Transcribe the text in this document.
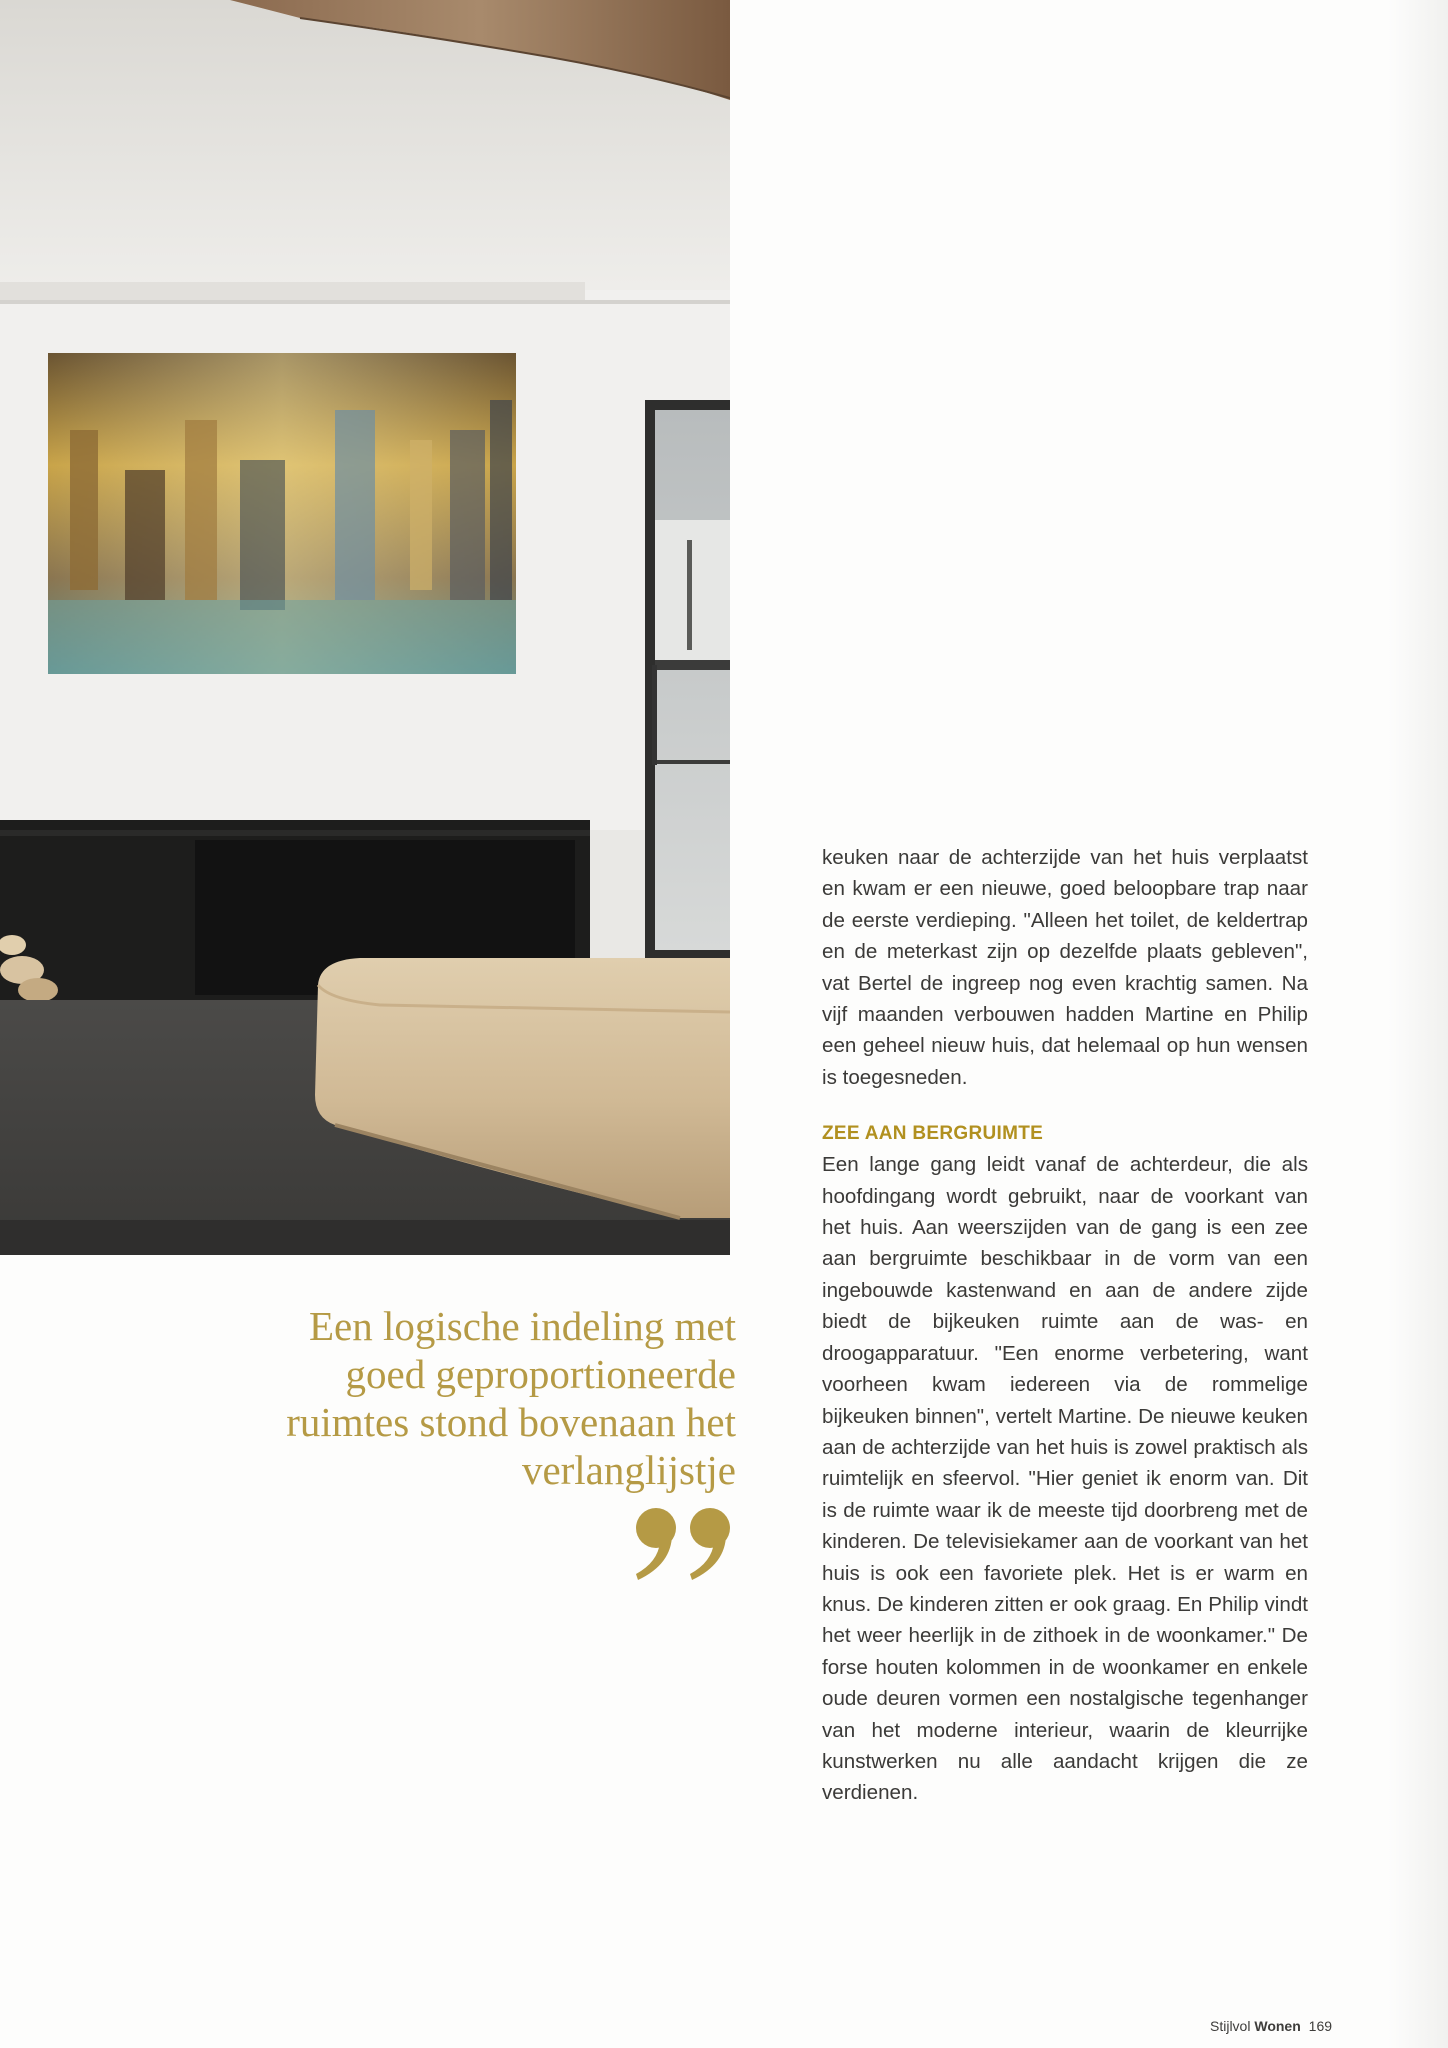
keuken naar de achterzijde van het huis verplaatst en kwam er een nieuwe, goed beloopbare trap naar de eerste verdieping. "Alleen het toilet, de keldertrap en de meterkast zijn op dezelfde plaats gebleven", vat Bertel de ingreep nog even krachtig samen. Na vijf maanden verbouwen hadden Martine en Philip een geheel nieuw huis, dat helemaal op hun wensen is toegesneden.

ZEE AAN BERGRUIMTE

Een lange gang leidt vanaf de achterdeur, die als hoofdingang wordt gebruikt, naar de voorkant van het huis. Aan weerszijden van de gang is een zee aan bergruimte beschikbaar in de vorm van een ingebouwde kastenwand en aan de andere zijde biedt de bijkeuken ruimte aan de was- en droogapparatuur. "Een enorme verbetering, want voorheen kwam iedereen via de rommelige bijkeuken binnen", vertelt Martine. De nieuwe keuken aan de achterzijde van het huis is zowel praktisch als ruimtelijk en sfeervol. "Hier geniet ik enorm van. Dit is de ruimte waar ik de meeste tijd doorbreng met de kinderen. De televisiekamer aan de voorkant van het huis is ook een favoriete plek. Het is er warm en knus. De kinderen zitten er ook graag. En Philip vindt het weer heerlijk in de zithoek in de woonkamer." De forse houten kolommen in de woonkamer en enkele oude deuren vormen een nostalgische tegenhanger van het moderne interieur, waarin de kleurrijke kunstwerken nu alle aandacht krijgen die ze verdienen.

Een logische indeling met
goed geproportioneerde
ruimtes stond bovenaan het
verlanglijstje
Stijlvol Wonen 169
